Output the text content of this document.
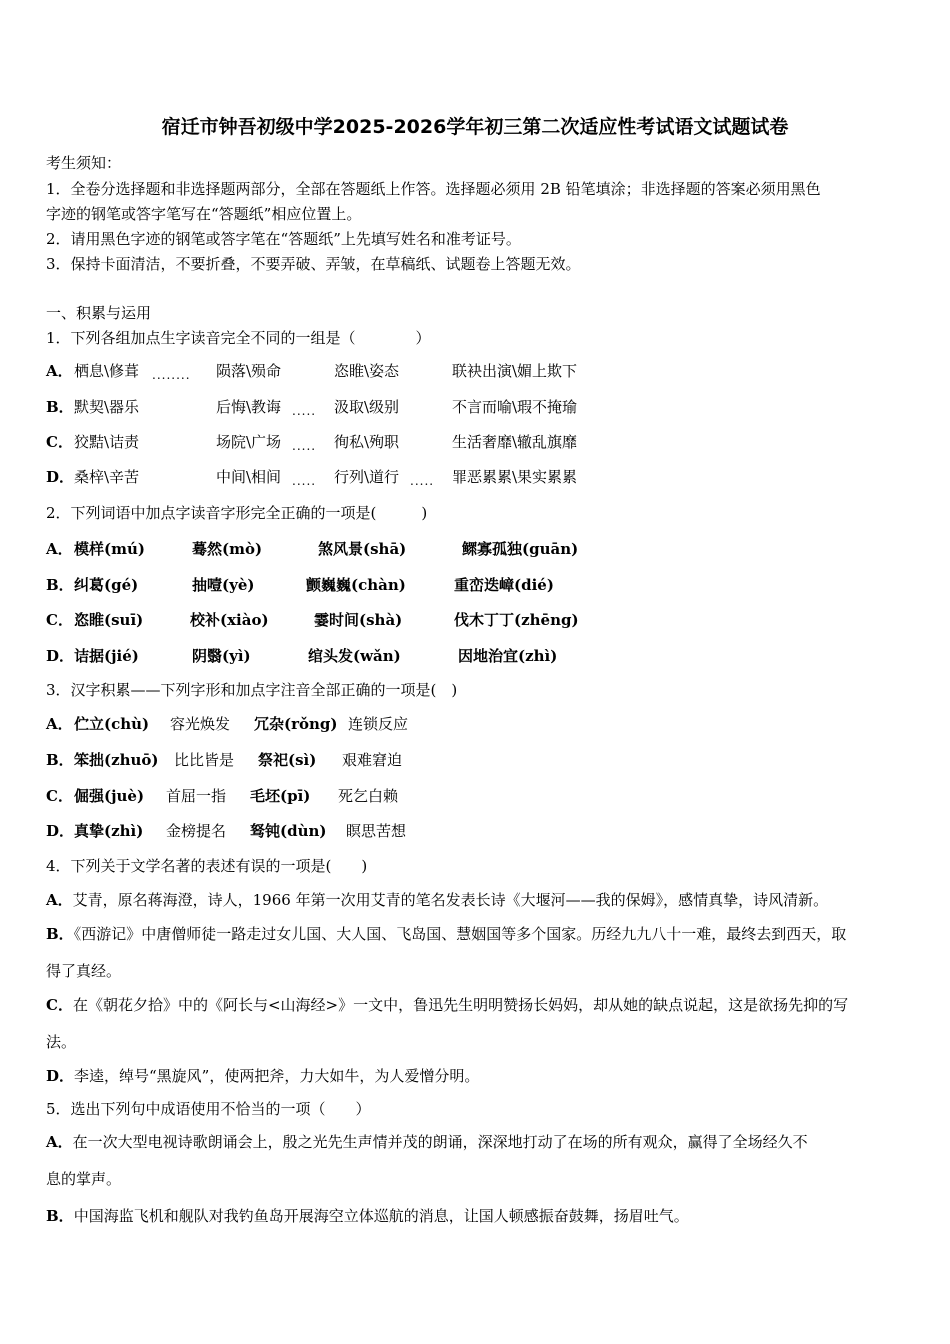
宿迁市钟吾初级中学2025-2026学年初三第二次适应性考试语文试题试卷
考生须知：
1．全卷分选择题和非选择题两部分，全部在答题纸上作答。选择题必须用 2B 铅笔填涂；非选择题的答案必须用黑色
字迹的钢笔或答字笔写在“答题纸”相应位置上。
2．请用黑色字迹的钢笔或答字笔在“答题纸”上先填写姓名和准考证号。
3．保持卡面清洁，不要折叠，不要弄破、弄皱，在草稿纸、试题卷上答题无效。
一、积累与运用
1．下列各组加点生字读音完全不同的一组是（　　　　）
A． 栖息\修葺 ........ 陨落\殒命	恣睢\姿态	联袂出演\媚上欺下
B． 默契\器乐	后悔\教诲 ..... 汲取\级别	不言而喻\瑕不掩瑜
C． 狡黠\诘责	场院\广场 ..... 徇私\殉职	生活奢靡\辙乱旗靡
D． 桑梓\辛苦	中间\相间 ..... 行列\道行 ..... 罪恶累累\果实累累
2．下列词语中加点字读音字形完全正确的一项是(　　　)
A． 模样(mú)	蓦然(mò)	煞风景(shā)	鳏寡孤独(guān)
B． 纠葛(gé)	抽噎(yè)	颤巍巍(chàn)	重峦迭嶂(dié)
C． 恣睢(suī)	校补(xiào)	霎时间(shà)	伐木丁丁(zhēng)
D． 诘据(jié)	阴翳(yì)	绾头发(wǎn)	因地治宜(zhì)
3．汉字积累——下列字形和加点字注音全部正确的一项是(　)
A． 伫立(chù) 容光焕发 冗杂(rǒng) 连锁反应
B． 笨拙(zhuō) 比比皆是 祭祀(sì) 艰难窘迫
C． 倔强(juè) 首屈一指 毛坯(pī) 死乞白赖
D． 真挚(zhì) 金榜提名 驽钝(dùn) 瞑思苦想
4．下列关于文学名著的表述有误的一项是(　　)
A．艾青，原名蒋海澄，诗人，1966 年第一次用艾青的笔名发表长诗《大堰河——我的保姆》，感情真挚，诗风清新。
B．《西游记》中唐僧师徒一路走过女儿国、大人国、飞岛国、慧姻国等多个国家。历经九九八十一难，最终去到西天，取
得了真经。
C．在《朝花夕拾》中的《阿长与<山海经>》一文中，鲁迅先生明明赞扬长妈妈，却从她的缺点说起，这是欲扬先抑的写
法。
D．李逵，绰号“黑旋风”，使两把斧，力大如牛，为人爱憎分明。
5．选出下列句中成语使用不恰当的一项（　　）
A．在一次大型电视诗歌朗诵会上，殷之光先生声情并茂的朗诵，深深地打动了在场的所有观众，赢得了全场经久不
息的掌声。
B．中国海监飞机和舰队对我钓鱼岛开展海空立体巡航的消息，让国人顿感振奋鼓舞，扬眉吐气。
